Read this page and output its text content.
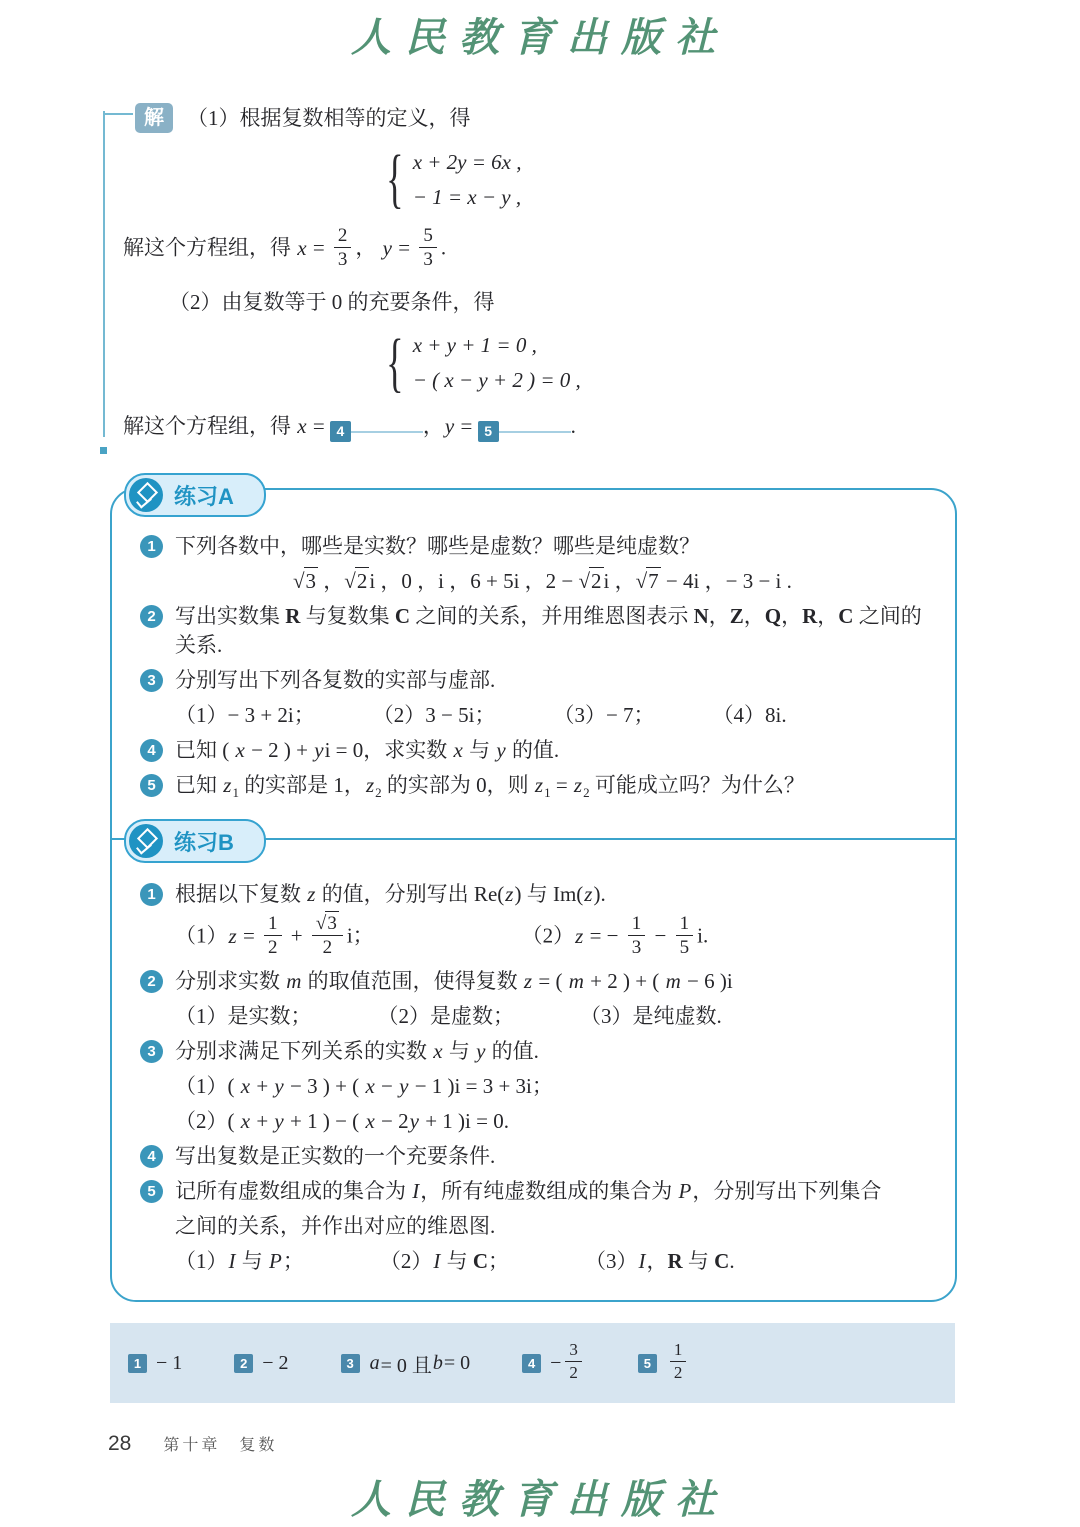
人民教育出版社
解	（1）根据复数相等的定义，得
{ x + 2y = 6x ,
− 1 = x − y ,
解这个方程组，得 $x = \frac{2}{3}$ ， $y = \frac{5}{3}$ .
（2）由复数等于 0 的充要条件，得
{ x + y + 1 = 0 ,
− ( x − y + 2 ) = 0 ,
解这个方程组，得 x = 4	，y = 5	.
练习A
1 下列各数中，哪些是实数？哪些是虚数？哪些是纯虚数？
√3 ，√2i ，0 ，i ，6 + 5i ，2 − √2i ，√7 − 4i ，− 3 − i .
2 写出实数集 R 与复数集 C 之间的关系，并用维恩图表示 N，Z，Q，R，C 之间的关系.
3 分别写出下列各复数的实部与虚部.
（1）− 3 + 2i；	（2）3 − 5i；	（3）− 7；	（4）8i.
4 已知 ( x − 2 ) + yi = 0，求实数 x 与 y 的值.
5 已知 $z_1$ 的实部是 1，$z_2$ 的实部为 0，则 $z_1 = z_2$ 可能成立吗？为什么？
练习B
1 根据以下复数 z 的值，分别写出 Re(z) 与 Im(z).
$(1)z = \frac{1}{2} + \frac{√ 3}{2}$ i；	（2）z = − $\frac{1}{3} - \frac{1}{5} i$.
2 分别求实数 m 的取值范围，使得复数 z = ( m + 2 ) + ( m − 6 )i
（1）是实数；	（2）是虚数；	（3）是纯虚数.
3 分别求满足下列关系的实数 x 与 y 的值.
（1）( x + y − 3 ) + ( x − y − 1 )i = 3 + 3i；
（2）( x + y + 1 ) − ( x − 2y + 1 )i = 0.
4 写出复数是正实数的一个充要条件.
5 记所有虚数组成的集合为 I，所有纯虚数组成的集合为 P，分别写出下列集合
之间的关系，并作出对应的维恩图.
（1）I 与 P；	（2）I 与 C；	（3）I，R 与 C.
1 − 1	2 − 2	3 a = 0 且 b = 0	$4 - \frac{3}{2}$	5	$\frac{1}{2}$
28 第十章　复数
人民教育出版社
